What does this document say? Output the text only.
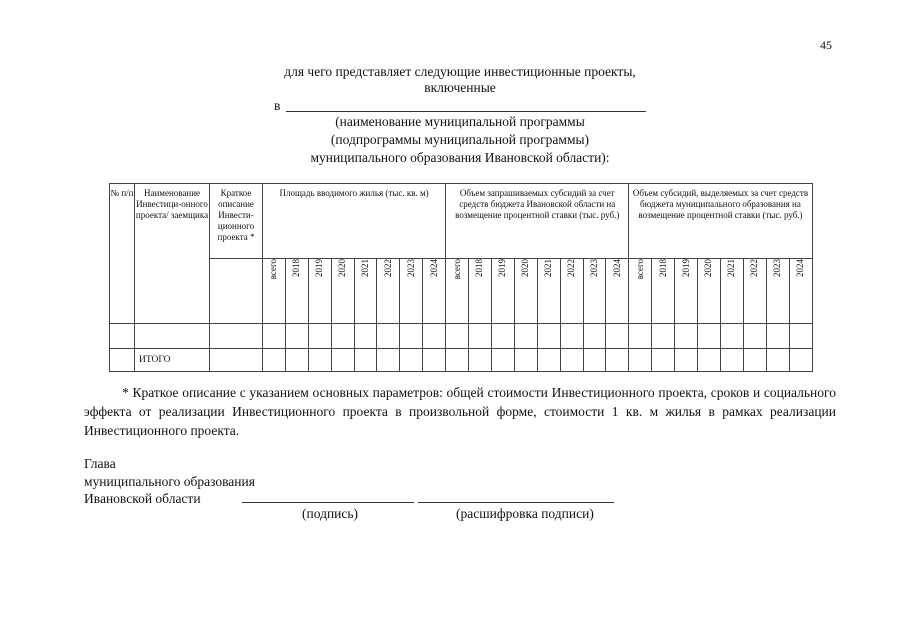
45
для чего представляет следующие инвестиционные проекты,
включенные
в
(наименование муниципальной программы
(подпрограммы муниципальной программы)
муниципального образования Ивановской области):
№ п/п	Наименование Инвестици-онного проекта/ заемщика	Краткое описание Инвести-ционного проекта *	Площадь вводимого жилья (тыс. кв. м)								Объем запрашиваемых субсидий за счет средств бюджета Ивановской области на возмещение процентной ставки (тыс. руб.)								Объем субсидий, выделяемых за счет средств бюджета муниципального образования на возмещение процентной ставки (тыс. руб.)							
			всего	2018	2019	2020	2021	2022	2023	2024	всего	2018	2019	2020	2021	2022	2023	2024	всего	2018	2019	2020	2021	2022	2023	2024

	ИТОГО																									
* Краткое описание с указанием основных параметров: общей стоимости Инвестиционного проекта, сроков и социального эффекта от реализации Инвестиционного проекта в произвольной форме, стоимости 1 кв. м жилья в рамках реализации Инвестиционного проекта.
Глава
муниципального образования
Ивановской области
(подпись)	(расшифровка подписи)
